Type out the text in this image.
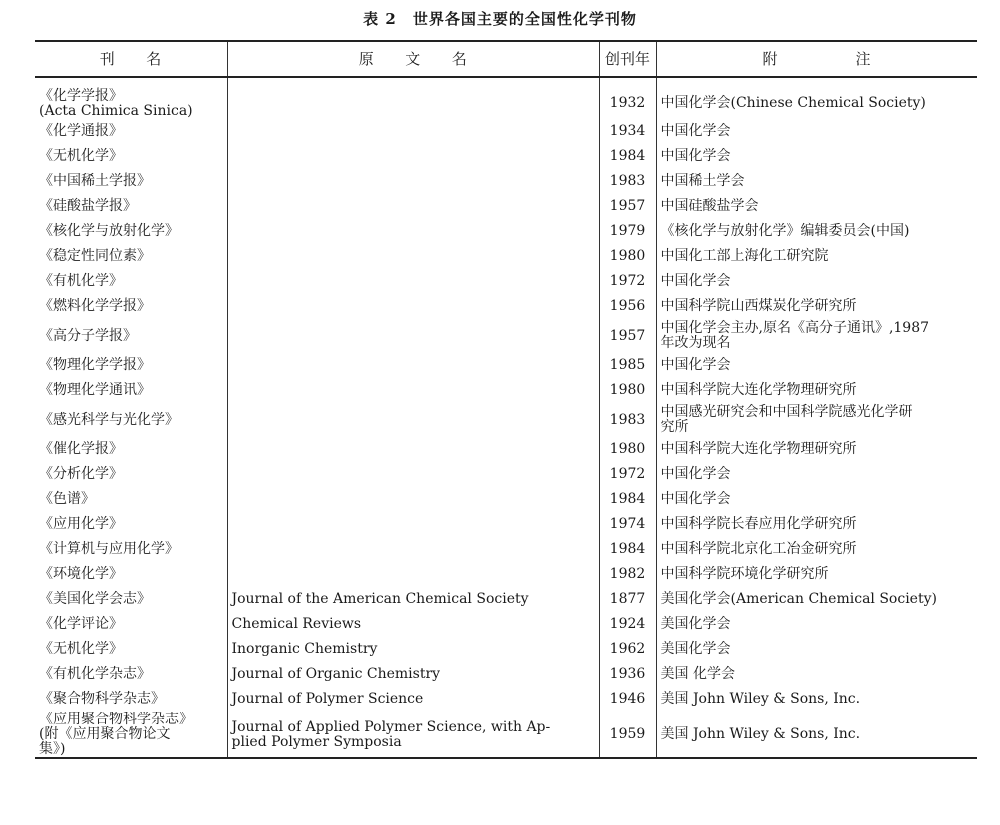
表 2　世界各国主要的全国性化学刊物
刊　　名	原　　文　　名	创刊年	附　　　　　注
《化学学报》
(Acta Chimica Sinica)		1932	中国化学会(Chinese Chemical Society)
《化学通报》		1934	中国化学会
《无机化学》		1984	中国化学会
《中国稀土学报》		1983	中国稀土学会
《硅酸盐学报》		1957	中国硅酸盐学会
《核化学与放射化学》		1979	《核化学与放射化学》编辑委员会(中国)
《稳定性同位素》		1980	中国化工部上海化工研究院
《有机化学》		1972	中国化学会
《燃料化学学报》		1956	中国科学院山西煤炭化学研究所
《高分子学报》		1957	中国化学会主办,原名《高分子通讯》,1987
年改为现名
《物理化学学报》		1985	中国化学会
《物理化学通讯》		1980	中国科学院大连化学物理研究所
《感光科学与光化学》		1983	中国感光研究会和中国科学院感光化学研
究所
《催化学报》		1980	中国科学院大连化学物理研究所
《分析化学》		1972	中国化学会
《色谱》		1984	中国化学会
《应用化学》		1974	中国科学院长春应用化学研究所
《计算机与应用化学》		1984	中国科学院北京化工冶金研究所
《环境化学》		1982	中国科学院环境化学研究所
《美国化学会志》	Journal of the American Chemical Society	1877	美国化学会(American Chemical Society)
《化学评论》	Chemical Reviews	1924	美国化学会
《无机化学》	Inorganic Chemistry	1962	美国化学会
《有机化学杂志》	Journal of Organic Chemistry	1936	美国 化学会
《聚合物科学杂志》	Journal of Polymer Science	1946	美国 John Wiley & Sons, Inc.
《应用聚合物科学杂志》
(附《应用聚合物论文
集》)	Journal of Applied Polymer Science, with Ap-
plied Polymer Symposia	1959	美国 John Wiley & Sons, Inc.
